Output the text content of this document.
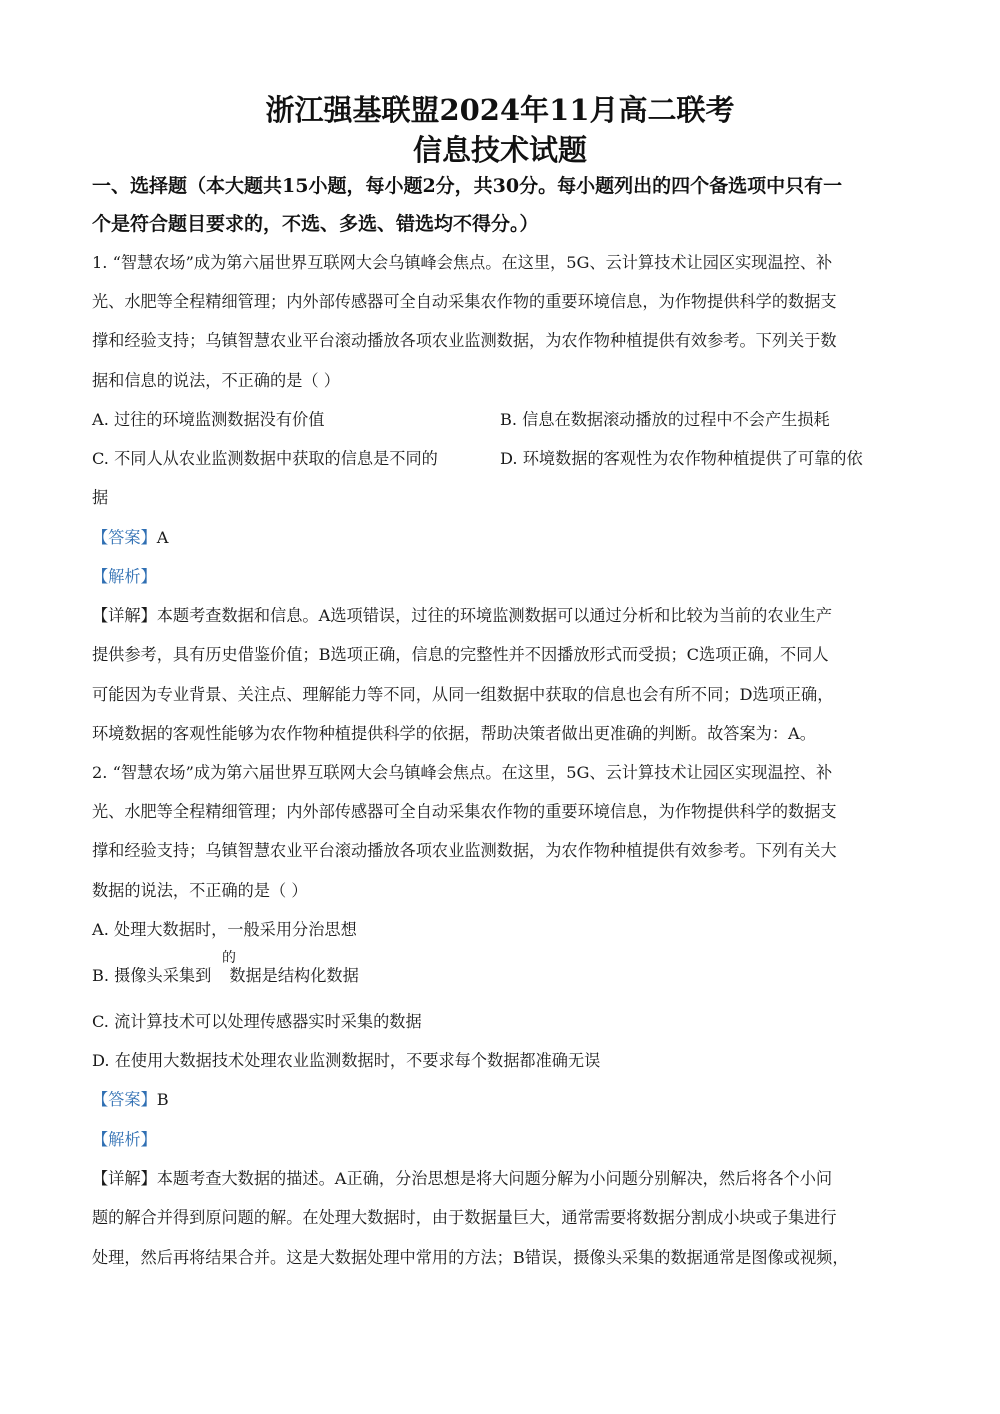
浙江强基联盟2024年11月高二联考
信息技术试题
一、选择题（本大题共15小题，每小题2分，共30分。每小题列出的四个备选项中只有一
个是符合题目要求的，不选、多选、错选均不得分。）
1. “智慧农场”成为第六届世界互联网大会乌镇峰会焦点。在这里，5G、云计算技术让园区实现温控、补
光、水肥等全程精细管理；内外部传感器可全自动采集农作物的重要环境信息，为作物提供科学的数据支
撑和经验支持；乌镇智慧农业平台滚动播放各项农业监测数据，为农作物种植提供有效参考。下列关于数
据和信息的说法，不正确的是（ ）
A. 过往的环境监测数据没有价值	B. 信息在数据滚动播放的过程中不会产生损耗
C. 不同人从农业监测数据中获取的信息是不同的	D. 环境数据的客观性为农作物种植提供了可靠的依
据
【答案】A
【解析】
【详解】本题考查数据和信息。A选项错误，过往的环境监测数据可以通过分析和比较为当前的农业生产
提供参考，具有历史借鉴价值；B选项正确，信息的完整性并不因播放形式而受损；C选项正确，不同人
可能因为专业背景、关注点、理解能力等不同，从同一组数据中获取的信息也会有所不同；D选项正确，
环境数据的客观性能够为农作物种植提供科学的依据，帮助决策者做出更准确的判断。故答案为：A。
2. “智慧农场”成为第六届世界互联网大会乌镇峰会焦点。在这里，5G、云计算技术让园区实现温控、补
光、水肥等全程精细管理；内外部传感器可全自动采集农作物的重要环境信息，为作物提供科学的数据支
撑和经验支持；乌镇智慧农业平台滚动播放各项农业监测数据，为农作物种植提供有效参考。下列有关大
数据的说法，不正确的是（ ）
A. 处理大数据时，一般采用分治思想
B. 摄像头采集到 数据是结构化数据
的
C. 流计算技术可以处理传感器实时采集的数据
D. 在使用大数据技术处理农业监测数据时，不要求每个数据都准确无误
【答案】B
【解析】
【详解】本题考查大数据的描述。A正确，分治思想是将大问题分解为小问题分别解决，然后将各个小问
题的解合并得到原问题的解。在处理大数据时，由于数据量巨大，通常需要将数据分割成小块或子集进行
处理，然后再将结果合并。这是大数据处理中常用的方法；B错误，摄像头采集的数据通常是图像或视频，
